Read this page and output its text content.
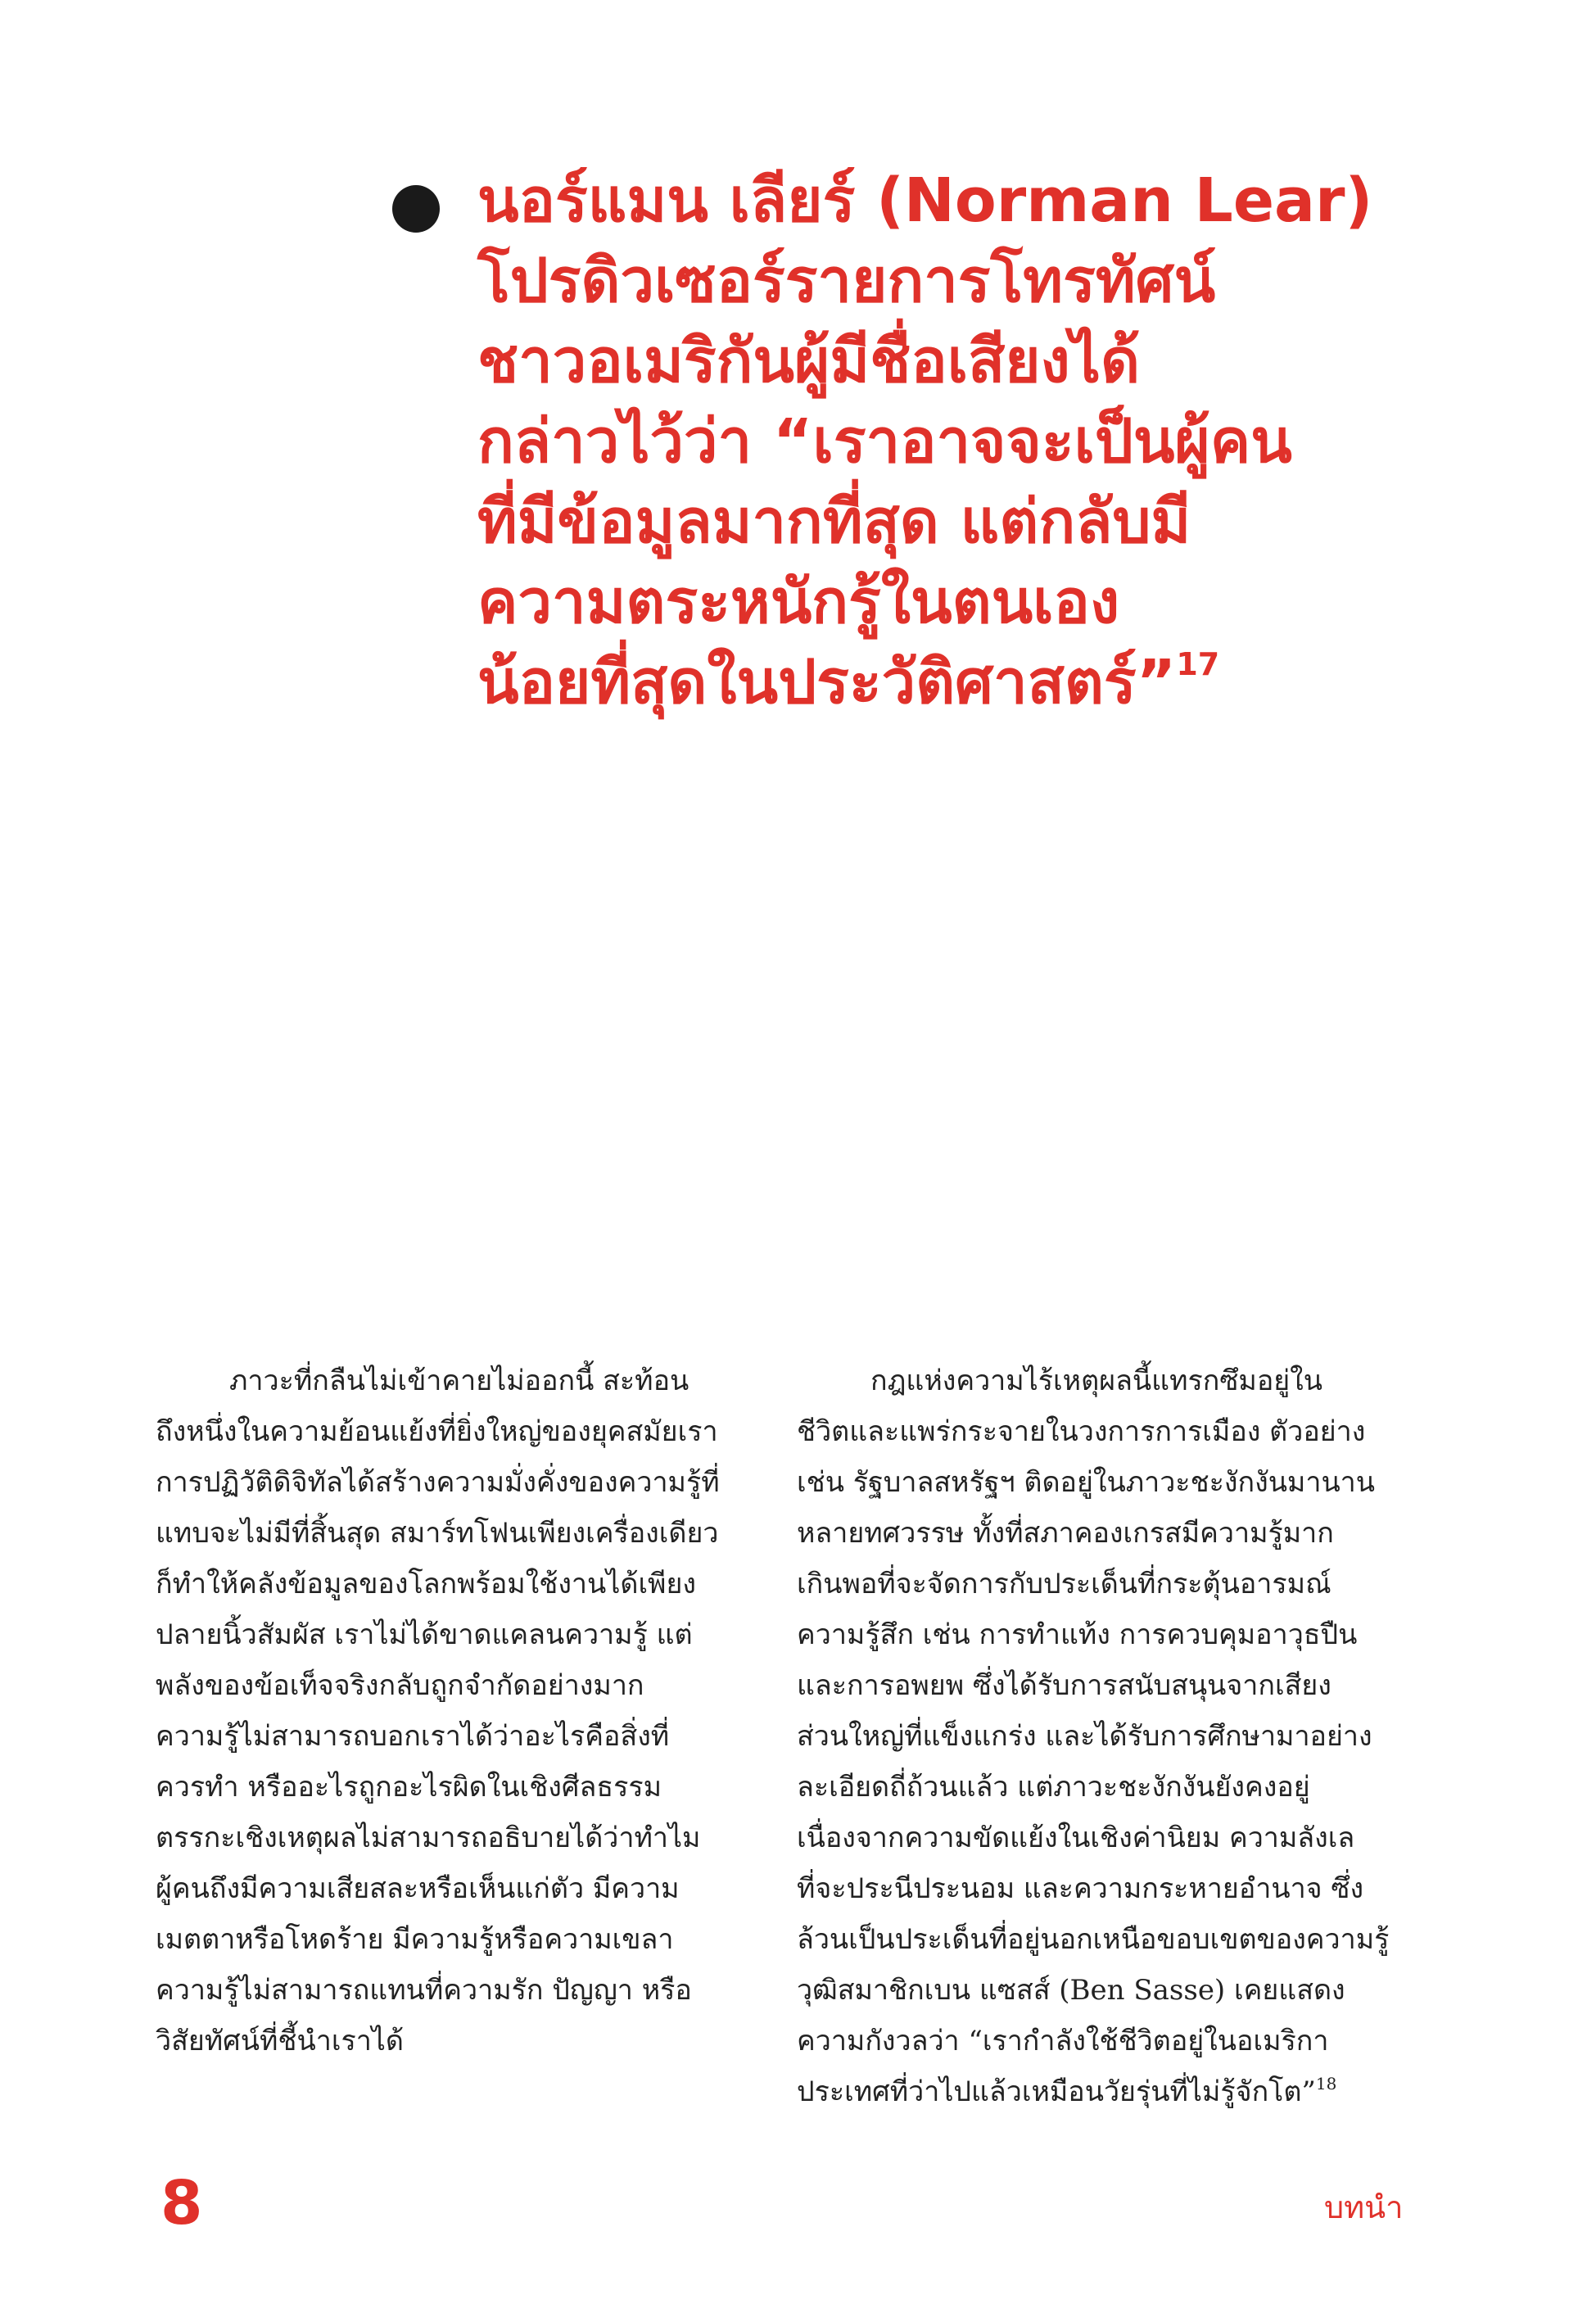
นอร์แมน เลียร์ (Norman Lear)
โปรดิวเซอร์รายการโทรทัศน์
ชาวอเมริกันผู้มีชื่อเสียงได้
กล่าวไว้ว่า “เราอาจจะเป็นผู้คน
ที่มีข้อมูลมากที่สุด แต่กลับมี
ความตระหนักรู้ในตนเอง
น้อยที่สุดในประวัติศาสตร์”$^{17}$
ภาวะที่กลืนไม่เข้าคายไม่ออกนี้ สะท้อน
ถึงหนึ่งในความย้อนแย้งที่ยิ่งใหญ่ของยุคสมัยเรา
การปฏิวัติดิจิทัลได้สร้างความมั่งคั่งของความรู้ที่
แทบจะไม่มีที่สิ้นสุด สมาร์ทโฟนเพียงเครื่องเดียว
ก็ทำให้คลังข้อมูลของโลกพร้อมใช้งานได้เพียง
ปลายนิ้วสัมผัส เราไม่ได้ขาดแคลนความรู้ แต่
พลังของข้อเท็จจริงกลับถูกจำกัดอย่างมาก
ความรู้ไม่สามารถบอกเราได้ว่าอะไรคือสิ่งที่
ควรทำ หรืออะไรถูกอะไรผิดในเชิงศีลธรรม
ตรรกะเชิงเหตุผลไม่สามารถอธิบายได้ว่าทำไม
ผู้คนถึงมีความเสียสละหรือเห็นแก่ตัว มีความ
เมตตาหรือโหดร้าย มีความรู้หรือความเขลา
ความรู้ไม่สามารถแทนที่ความรัก ปัญญา หรือ
วิสัยทัศน์ที่ชี้นำเราได้
กฎแห่งความไร้เหตุผลนี้แทรกซึมอยู่ใน
ชีวิตและแพร่กระจายในวงการการเมือง ตัวอย่าง
เช่น รัฐบาลสหรัฐฯ ติดอยู่ในภาวะชะงักงันมานาน
หลายทศวรรษ ทั้งที่สภาคองเกรสมีความรู้มาก
เกินพอที่จะจัดการกับประเด็นที่กระตุ้นอารมณ์
ความรู้สึก เช่น การทำแท้ง การควบคุมอาวุธปืน
และการอพยพ ซึ่งได้รับการสนับสนุนจากเสียง
ส่วนใหญ่ที่แข็งแกร่ง และได้รับการศึกษามาอย่าง
ละเอียดถี่ถ้วนแล้ว แต่ภาวะชะงักงันยังคงอยู่
เนื่องจากความขัดแย้งในเชิงค่านิยม ความลังเล
ที่จะประนีประนอม และความกระหายอำนาจ ซึ่ง
ล้วนเป็นประเด็นที่อยู่นอกเหนือขอบเขตของความรู้
วุฒิสมาชิกเบน แซสส์ (Ben Sasse) เคยแสดง
ความกังวลว่า “เรากำลังใช้ชีวิตอยู่ในอเมริกา
ประเทศที่ว่าไปแล้วเหมือนวัยรุ่นที่ไม่รู้จักโต”$^{18}$
8	บทนำ
